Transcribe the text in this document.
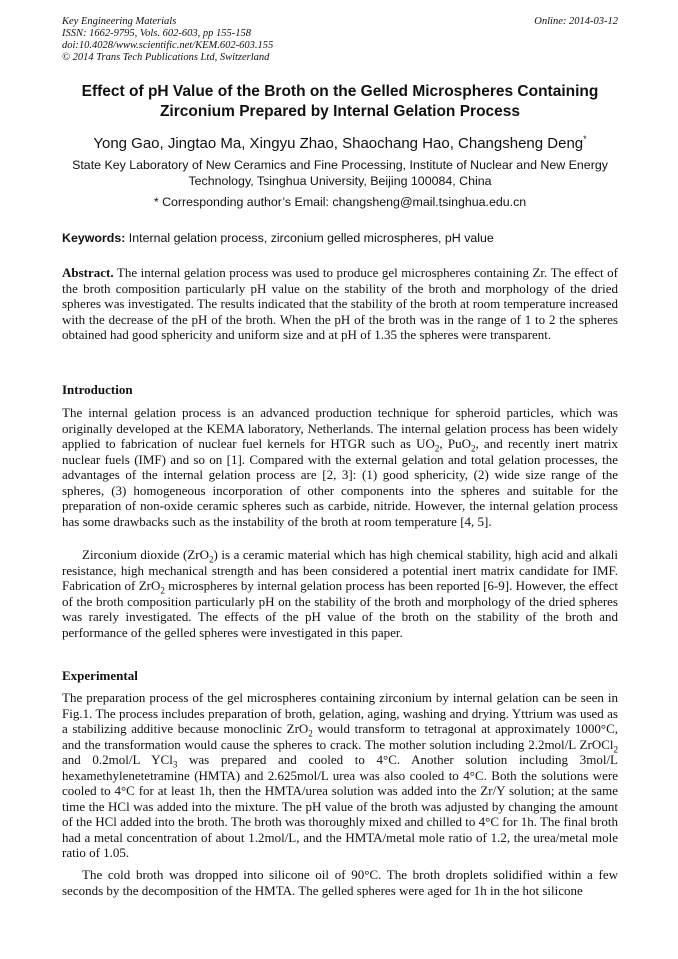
Key Engineering Materials
ISSN: 1662-9795, Vols. 602-603, pp 155-158
doi:10.4028/www.scientific.net/KEM.602-603.155
© 2014 Trans Tech Publications Ltd, Switzerland
Online: 2014-03-12
Effect of pH Value of the Broth on the Gelled Microspheres Containing
Zirconium Prepared by Internal Gelation Process
Yong Gao, Jingtao Ma, Xingyu Zhao, Shaochang Hao, Changsheng Deng*
State Key Laboratory of New Ceramics and Fine Processing, Institute of Nuclear and New Energy
Technology, Tsinghua University, Beijing 100084, China
* Corresponding author’s Email: changsheng@mail.tsinghua.edu.cn
Keywords: Internal gelation process, zirconium gelled microspheres, pH value
Abstract. The internal gelation process was used to produce gel microspheres containing Zr. The effect of the broth composition particularly pH value on the stability of the broth and morphology of the dried spheres was investigated. The results indicated that the stability of the broth at room temperature increased with the decrease of the pH of the broth. When the pH of the broth was in the range of 1 to 2 the spheres obtained had good sphericity and uniform size and at pH of 1.35 the spheres were transparent.
Introduction
The internal gelation process is an advanced production technique for spheroid particles, which was originally developed at the KEMA laboratory, Netherlands. The internal gelation process has been widely applied to fabrication of nuclear fuel kernels for HTGR such as $UO_2$, PuO$_2$, and recently inert matrix nuclear fuels (IMF) and so on [1]. Compared with the external gelation and total gelation processes, the advantages of the internal gelation process are [2, 3]: (1) good sphericity, (2) wide size range of the spheres, (3) homogeneous incorporation of other components into the spheres and suitable for the preparation of non-oxide ceramic spheres such as carbide, nitride. However, the internal gelation process has some drawbacks such as the instability of the broth at room temperature [4, 5].
Zirconium dioxide (ZrO$_2$) is a ceramic material which has high chemical stability, high acid and alkali resistance, high mechanical strength and has been considered a potential inert matrix candidate for IMF. Fabrication of ZrO$_2$ microspheres by internal gelation process has been reported [6-9]. However, the effect of the broth composition particularly pH on the stability of the broth and morphology of the dried spheres was rarely investigated. The effects of the pH value of the broth on the stability of the broth and performance of the gelled spheres were investigated in this paper.
Experimental
The preparation process of the gel microspheres containing zirconium by internal gelation can be seen in Fig.1. The process includes preparation of broth, gelation, aging, washing and drying. Yttrium was used as a stabilizing additive because monoclinic ZrO$_2$ would transform to tetragonal at approximately 1000°C, and the transformation would cause the spheres to crack. The mother solution including 2.2mol/L ZrOCl$_2$ and 0.2mol/L YCl$_3$ was prepared and cooled to 4°C. Another solution including 3mol/L hexamethylenetetramine (HMTA) and 2.625mol/L urea was also cooled to 4°C. Both the solutions were cooled to 4°C for at least 1h, then the HMTA/urea solution was added into the Zr/Y solution; at the same time the HCl was added into the mixture. The pH value of the broth was adjusted by changing the amount of the HCl added into the broth. The broth was thoroughly mixed and chilled to 4°C for 1h. The final broth had a metal concentration of about 1.2mol/L, and the HMTA/metal mole ratio of 1.2, the urea/metal mole ratio of 1.05.
The cold broth was dropped into silicone oil of 90°C. The broth droplets solidified within a few seconds by the decomposition of the HMTA. The gelled spheres were aged for 1h in the hot silicone
